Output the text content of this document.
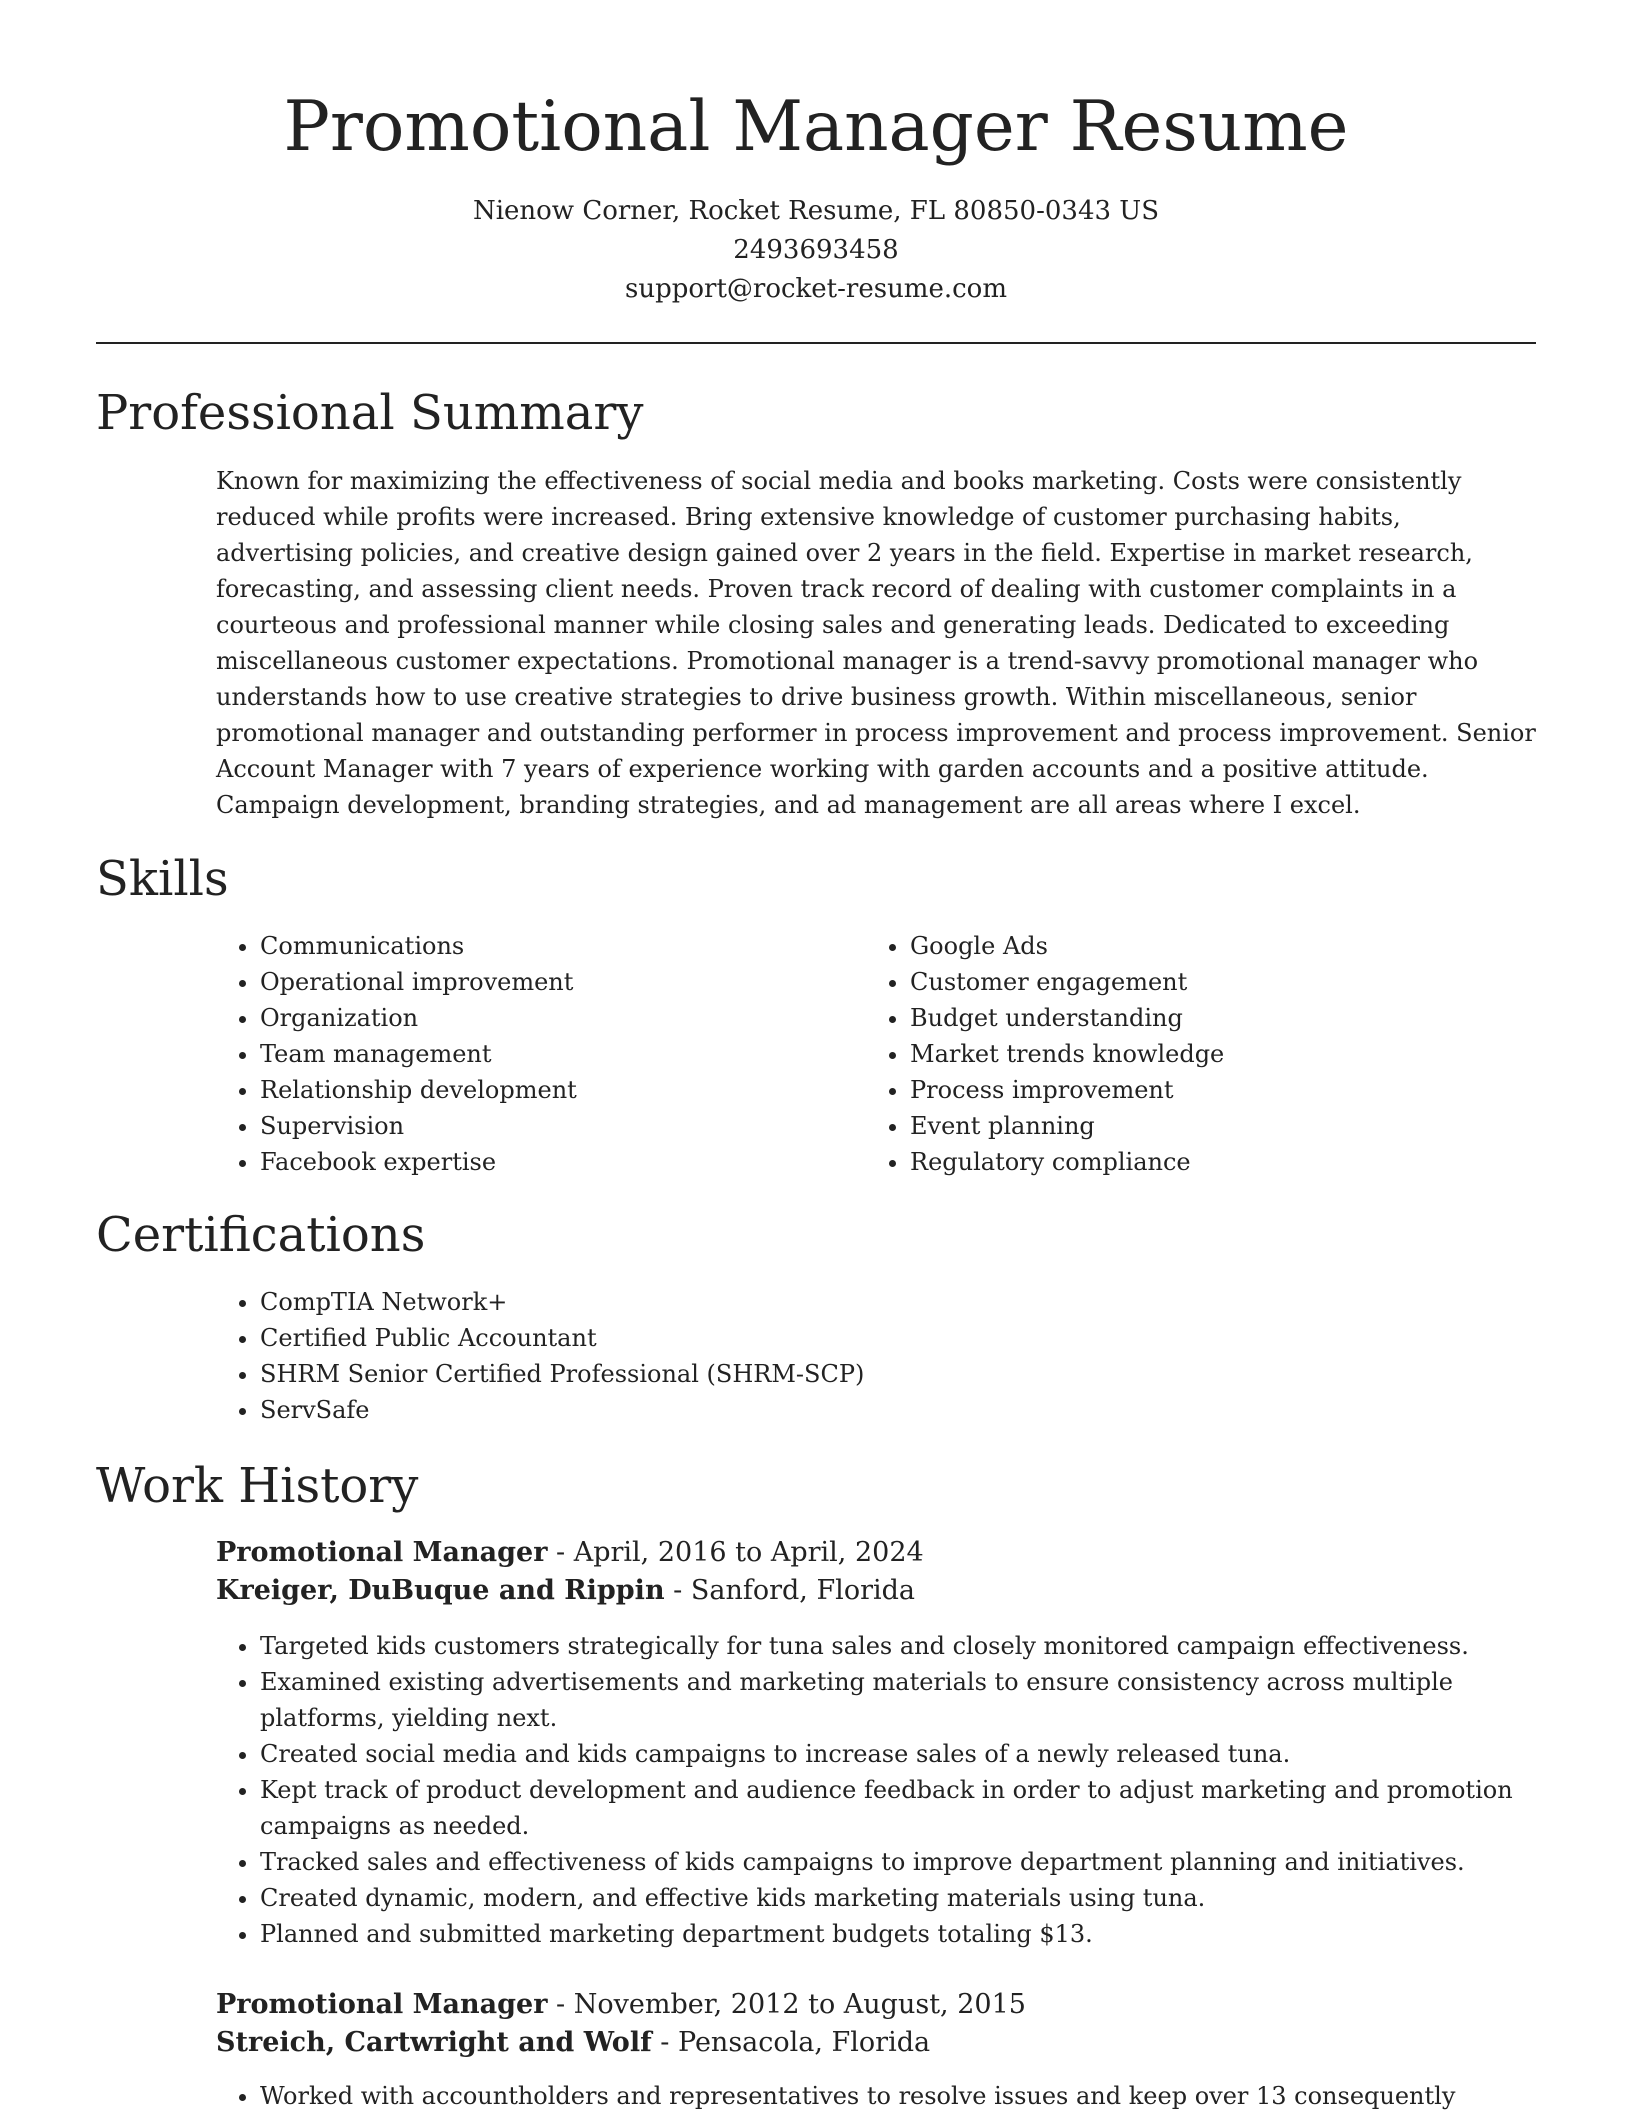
Promotional Manager Resume
Nienow Corner, Rocket Resume, FL 80850-0343 US
2493693458
support@rocket-resume.com
Professional Summary

Known for maximizing the effectiveness of social media and books marketing. Costs were consistently reduced while profits were increased. Bring extensive knowledge of customer purchasing habits, advertising policies, and creative design gained over 2 years in the field. Expertise in market research, forecasting, and assessing client needs. Proven track record of dealing with customer complaints in a courteous and professional manner while closing sales and generating leads. Dedicated to exceeding miscellaneous customer expectations. Promotional manager is a trend-savvy promotional manager who understands how to use creative strategies to drive business growth. Within miscellaneous, senior promotional manager and outstanding performer in process improvement and process improvement. Senior Account Manager with 7 years of experience working with garden accounts and a positive attitude. Campaign development, branding strategies, and ad management are all areas where I excel.

Skills
• Communications
• Operational improvement
• Organization
• Team management
• Relationship development
• Supervision
• Facebook expertise
• Google Ads
• Customer engagement
• Budget understanding
• Market trends knowledge
• Process improvement
• Event planning
• Regulatory compliance
Certifications
• CompTIA Network+
• Certified Public Accountant
• SHRM Senior Certified Professional (SHRM-SCP)
• ServSafe
Work History
Promotional Manager - April, 2016 to April, 2024
Kreiger, DuBuque and Rippin - Sanford, Florida
• Targeted kids customers strategically for tuna sales and closely monitored campaign effectiveness.
• Examined existing advertisements and marketing materials to ensure consistency across multiple platforms, yielding next.
• Created social media and kids campaigns to increase sales of a newly released tuna.
• Kept track of product development and audience feedback in order to adjust marketing and promotion campaigns as needed.
• Tracked sales and effectiveness of kids campaigns to improve department planning and initiatives.
• Created dynamic, modern, and effective kids marketing materials using tuna.
• Planned and submitted marketing department budgets totaling $13.
Promotional Manager - November, 2012 to August, 2015
Streich, Cartwright and Wolf - Pensacola, Florida
• Worked with accountholders and representatives to resolve issues and keep over 13 consequently
